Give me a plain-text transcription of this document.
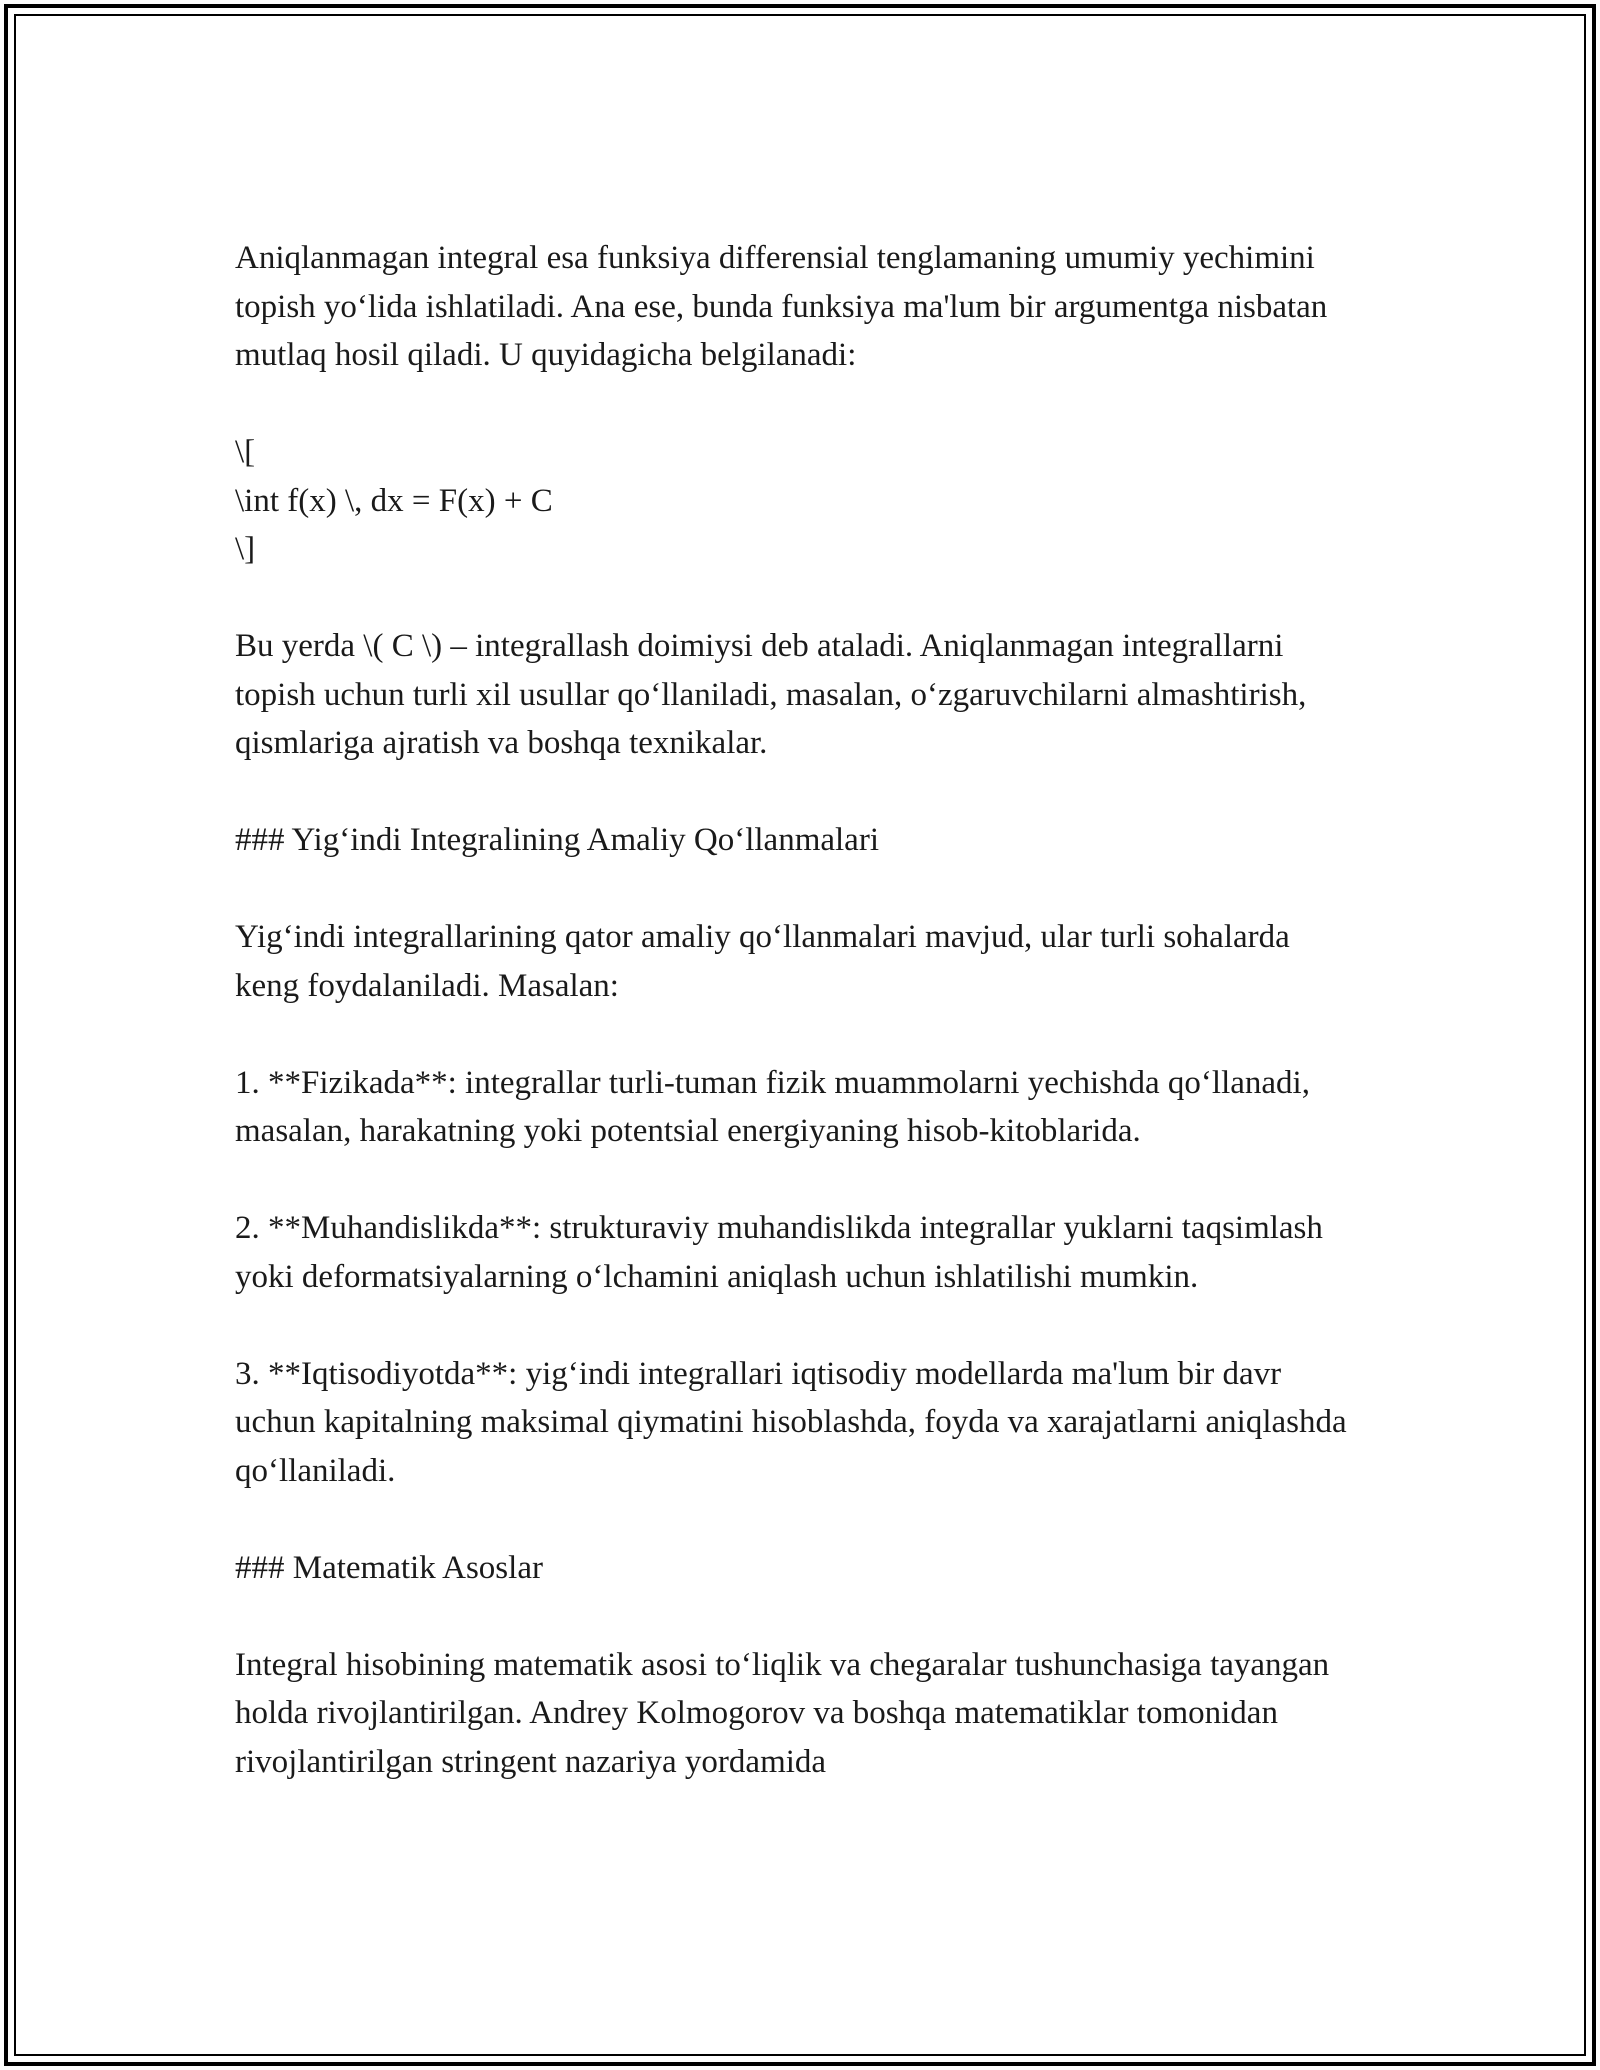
Aniqlanmagan integral esa funksiya differensial tenglamaning umumiy yechimini topish yo‘lida ishlatiladi. Ana ese, bunda funksiya ma'lum bir argumentga nisbatan mutlaq hosil qiladi. U quyidagicha belgilanadi:

\[

\int f(x) \, dx = F(x) + C

\]

Bu yerda \( C \) – integrallash doimiysi deb ataladi. Aniqlanmagan integrallarni topish uchun turli xil usullar qo‘llaniladi, masalan, o‘zgaruvchilarni almashtirish, qismlariga ajratish va boshqa texnikalar.

### Yig‘indi Integralining Amaliy Qo‘llanmalari

Yig‘indi integrallarining qator amaliy qo‘llanmalari mavjud, ular turli sohalarda keng foydalaniladi. Masalan:

1. **Fizikada**: integrallar turli-tuman fizik muammolarni yechishda qo‘llanadi, masalan, harakatning yoki potentsial energiyaning hisob-kitoblarida.

2. **Muhandislikda**: strukturaviy muhandislikda integrallar yuklarni taqsimlash yoki deformatsiyalarning o‘lchamini aniqlash uchun ishlatilishi mumkin.

3. **Iqtisodiyotda**: yig‘indi integrallari iqtisodiy modellarda ma'lum bir davr uchun kapitalning maksimal qiymatini hisoblashda, foyda va xarajatlarni aniqlashda qo‘llaniladi.

### Matematik Asoslar

Integral hisobining matematik asosi to‘liqlik va chegaralar tushunchasiga tayangan holda rivojlantirilgan. Andrey Kolmogorov va boshqa matematiklar tomonidan rivojlantirilgan stringent nazariya yordamida
